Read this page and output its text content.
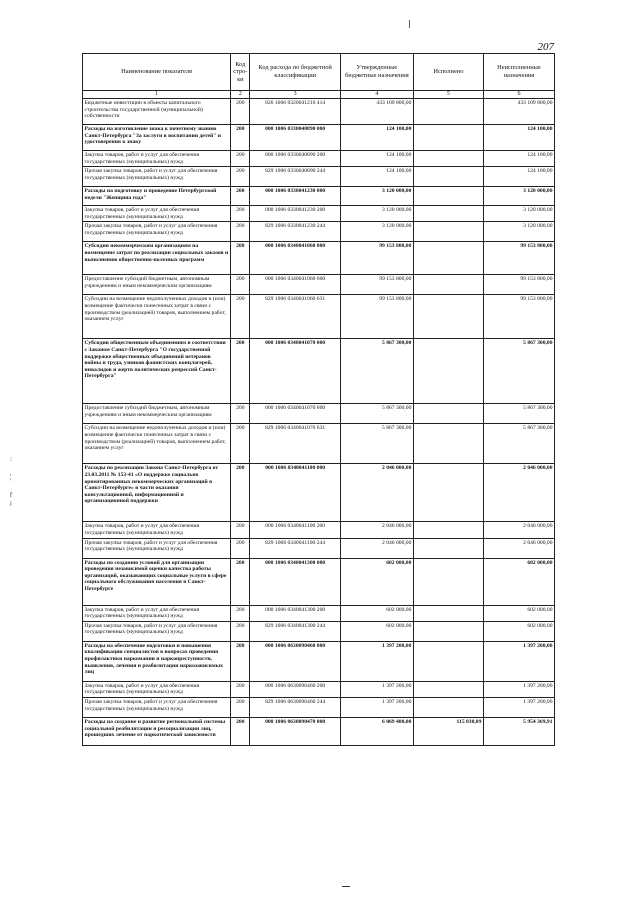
207
:

¦

ř
ǂ
Наименование показателя	Код стро-ки	Код расхода по бюджетной классификации	Утвержденные бюджетные назначения	Исполнено	Неисполненные назначения
1	2	3	4	5	6
Бюджетные инвестиции в объекты капитального строительства государственной (муниципальной) собственности	200	826 1006 0320041210 414	433 109 800,00		433 109 800,00
Расходы на изготовление знака к почетному званию Санкт-Петербурга "За заслуги в воспитании детей" и удостоверения к знаку	200	000 1006 0330040890 000	124 100,00		124 100,00
Закупка товаров, работ и услуг для обеспечения государственных (муниципальных) нужд	200	000 1006 0330040890 200	124 100,00		124 100,00
Прочая закупка товаров, работ и услуг для обеспечения государственных (муниципальных) нужд	200	829 1006 0330040890 244	124 100,00		124 100,00
Расходы на подготовку и проведение Петербургской недели "Женщина года"	200	000 1006 0330041230 000	3 120 000,00		3 120 000,00
Закупка товаров, работ и услуг для обеспечения государственных (муниципальных) нужд	200	000 1006 0330041230 200	3 120 000,00		3 120 000,00
Прочая закупка товаров, работ и услуг для обеспечения государственных (муниципальных) нужд	200	829 1006 0330041230 244	3 120 000,00		3 120 000,00
Субсидии некоммерческим организациям на возмещение затрат по реализации социальных заказов и выполнению общественно-полезных программ	200	000 1006 0340041060 000	99 153 800,00		99 153 800,00
Предоставление субсидий бюджетным, автономным учреждениям и иным некоммерческим организациям	200	000 1006 0340041060 600	99 153 800,00		99 153 800,00
Субсидии на возмещение недополученных доходов и (или) возмещение фактически понесенных затрат в связи с производством (реализацией) товаров, выполнением работ, оказанием услуг	200	829 1006 0340041060 631	99 153 800,00		99 153 800,00
Субсидии общественным объединениям в соответствии с Законом Санкт-Петербурга "О государственной поддержке общественных объединений ветеранов войны и труда, узников фашистских концлагерей, инвалидов и жертв политических репрессий Санкт-Петербурга"	200	000 1006 0340041070 000	5 867 300,00		5 867 300,00
Предоставление субсидий бюджетным, автономным учреждениям и иным некоммерческим организациям	200	000 1006 0340041070 600	5 867 300,00		5 867 300,00
Субсидии на возмещение недополученных доходов и (или) возмещение фактически понесенных затрат в связи с производством (реализацией) товаров, выполнением работ, оказанием услуг	200	829 1006 0340041070 631	5 867 300,00		5 867 300,00
Расходы по реализации Закона Санкт-Петербурга от 23.03.2011 № 153-41 «О поддержке социально ориентированных некоммерческих организаций в Санкт-Петербурге» в части оказания консультационной, информационной и организационной поддержки	200	000 1006 0340041100 000	2 046 000,00		2 046 000,00
Закупка товаров, работ и услуг для обеспечения государственных (муниципальных) нужд	200	000 1006 0340041100 200	2 046 000,00		2 046 000,00
Прочая закупка товаров, работ и услуг для обеспечения государственных (муниципальных) нужд	200	829 1006 0340041100 244	2 046 000,00		2 046 000,00
Расходы по созданию условий для организации проведения независимой оценки качества работы организаций, оказывающих социальные услуги в сфере социального обслуживания населения в Санкт-Петербурге	200	000 1006 0340041300 000	602 000,00		602 000,00
Закупка товаров, работ и услуг для обеспечения государственных (муниципальных) нужд	200	000 1006 0340041300 200	602 000,00		602 000,00
Прочая закупка товаров, работ и услуг для обеспечения государственных (муниципальных) нужд	200	829 1006 0340041300 244	602 000,00		602 000,00
Расходы на обеспечение подготовки и повышения квалификации специалистов в вопросах проведения профилактики наркомании и наркопреступности, выявления, лечения и реабилитации наркозависимых лиц	200	000 1006 0630090460 000	1 397 200,00		1 397 200,00
Закупка товаров, работ и услуг для обеспечения государственных (муниципальных) нужд	200	000 1006 0630090460 200	1 397 200,00		1 397 200,00
Прочая закупка товаров, работ и услуг для обеспечения государственных (муниципальных) нужд	200	829 1006 0630090460 244	1 397 200,00		1 397 200,00
Расходы на создание и развитие региональной системы социальной реабилитации и ресоциализации лиц, прошедших лечение от наркотической зависимости	200	000 1006 0630090470 000	6 069 400,00	115 030,09	5 954 369,91
